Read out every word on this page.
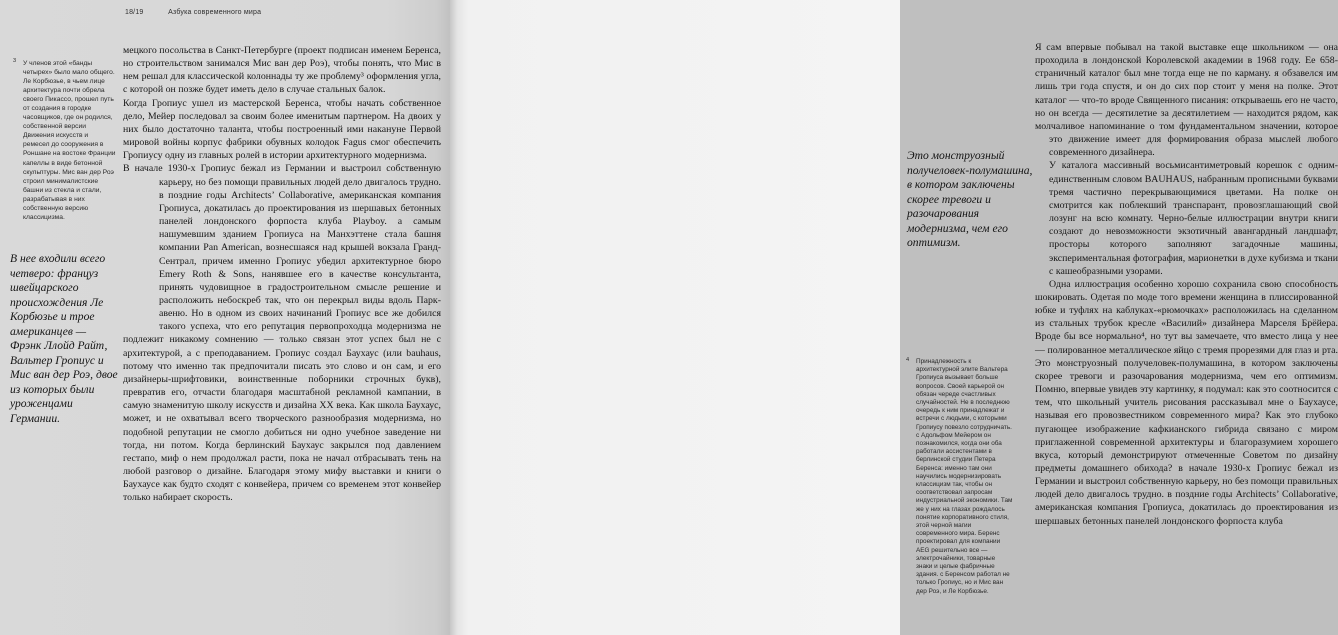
18/19	Азбука современного мира
3 У членов этой «банды четырех» было мало общего. Ле Корбюзье, в чьем лице архитектура почти обрела своего Пикассо, прошел путь от создания в городке часовщиков, где он родился, собственной версии Движения искусств и ремесел до сооружения в Роншане на востоке Франции капеллы в виде бетонной скульптуры. Мис ван дер Роэ строил минималистские башни из стекла и стали, разрабатывая в них собственную версию классицизма.
В нее входили всего четверо: француз швейцарского происхождения Ле Корбюзье и трое американцев — Фрэнк Ллойд Райт, Вальтер Гропиус и Мис ван дер Роэ, двое из которых были уроженцами Германии.

мецкого посольства в Санкт-Петербурге (проект подписан именем Беренса, но строительством занимался Мис ван дер Роэ), чтобы понять, что Мис в нем решал для классической колоннады ту же проблему³ оформления угла, с которой он позже будет иметь дело в случае стальных балок.

Когда Гропиус ушел из мастерской Беренса, чтобы начать собственное дело, Мейер последовал за своим более именитым партнером. На двоих у них было достаточно таланта, чтобы построенный ими накануне Первой мировой войны корпус фабрики обувных колодок Fagus смог обеспечить Гропиусу одну из главных ролей в истории архитектурного модернизма.

В начале 1930-х Гропиус бежал из Германии и выстроил собственную карьеру, но без помощи правильных людей дело двигалось трудно. в поздние годы Architects’ Collaborative, американская компания Гропиуса, докатилась до проектирования из шершавых бетонных панелей лондонского форпоста клуба Playboy. а самым нашумевшим зданием Гропиуса на Манхэттене стала башня компании Pan American, вознесшаяся над крышей вокзала Гранд-Сентрал, причем именно Гропиус убедил архитектурное бюро Emery Roth & Sons, нанявшее его в качестве консультанта, принять чудовищное в градостроительном смысле решение и расположить небоскреб так, что он перекрыл виды вдоль Парк-авеню. Но в одном из своих начинаний Гропиус все же добился такого успеха, что его репутация первопроходца модернизма не подлежит никакому сомнению — только связан этот успех был не с архитектурой, а с преподаванием. Гропиус создал Баухаус (или bauhaus, потому что именно так предпочитали писать это слово и он сам, и его дизайнеры-шрифтовики, воинственные поборники строчных букв), превратив его, отчасти благодаря масштабной рекламной кампании, в самую знаменитую школу искусств и дизайна XX века. Как школа Баухаус, может, и не охватывал всего творческого разнообразия модернизма, но подобной репутации не смогло добиться ни одно учебное заведение ни тогда, ни потом. Когда берлинский Баухаус закрылся под давлением гестапо, миф о нем продолжал расти, пока не начал отбрасывать тень на любой разговор о дизайне. Благодаря этому мифу выставки и книги о Баухаусе как будто сходят с конвейера, причем со временем этот конвейер только набирает скорость.

Это монструозный получеловек-полумашина, в котором заключены скорее тревоги и разочарования модернизма, чем его оптимизм.
4 Принадлежность к архитектурной элите Вальтера Гропиуса вызывает больше вопросов. Своей карьерой он обязан череде счастливых случайностей. Не в последнюю очередь к ним принадлежат и встречи с людьми, с которыми Гропиусу повезло сотрудничать. с Адольфом Мейером он познакомился, когда они оба работали ассистентами в берлинской студии Петера Беренса: именно там они научились модернизировать классицизм так, чтобы он соответствовал запросам индустриальной экономики. Там же у них на глазах рождалось понятие корпоративного стиля, этой черной магии современного мира. Беренс проектировал для компании AEG решительно все — электрочайники, товарные знаки и целые фабричные здания. с Беренсом работал не только Гропиус, но и Мис ван дер Роэ, и Ле Корбюзье.

Я сам впервые побывал на такой выставке еще школьником — она проходила в лондонской Королевской академии в 1968 году. Ее 658-страничный каталог был мне тогда еще не по карману. я обзавелся им лишь три года спустя, и он до сих пор стоит у меня на полке. Этот каталог — что-то вроде Священного писания: открываешь его не часто, но он всегда — десятилетие за десятилетием — находится рядом, как молчаливое напоминание о том фундаментальном значении, которое это движение имеет для формирования образа мыслей любого современного дизайнера.

У каталога массивный восьмисантиметровый корешок с одним-единственным словом BAUHAUS, набранным прописными буквами тремя частично перекрывающимися цветами. На полке он смотрится как поблекший транспарант, провозглашающий свой лозунг на всю комнату. Черно-белые иллюстрации внутри книги создают до невозможности экзотичный авангардный ландшафт, просторы которого заполняют загадочные машины, экспериментальная фотография, марионетки в духе кубизма и ткани с кашеобразными узорами.

Одна иллюстрация особенно хорошо сохранила свою способность шокировать. Одетая по моде того времени женщина в плиссированной юбке и туфлях на каблуках-«рюмочках» расположилась на сделанном из стальных трубок кресле «Василий» дизайнера Марселя Брёйера. Вроде бы все нормально⁴, но тут вы замечаете, что вместо лица у нее — полированное металлическое яйцо с тремя прорезями для глаз и рта. Это монструозный получеловек-полумашина, в котором заключены скорее тревоги и разочарования модернизма, чем его оптимизм. Помню, впервые увидев эту картинку, я подумал: как это соотносится с тем, что школьный учитель рисования рассказывал мне о Баухаусе, называя его провозвестником современного мира? Как это глубоко пугающее изображение кафкианского гибрида связано с миром приглаженной современной архитектуры и благоразумием хорошего вкуса, который демонстрируют отмеченные Советом по дизайну предметы домашнего обихода? в начале 1930-х Гропиус бежал из Германии и выстроил собственную карьеру, но без помощи правильных людей дело двигалось трудно. в поздние годы Architects’ Collaborative, американская компания Гропиуса, докатилась до проектирования из шершавых бетонных панелей лондонского форпоста клуба
